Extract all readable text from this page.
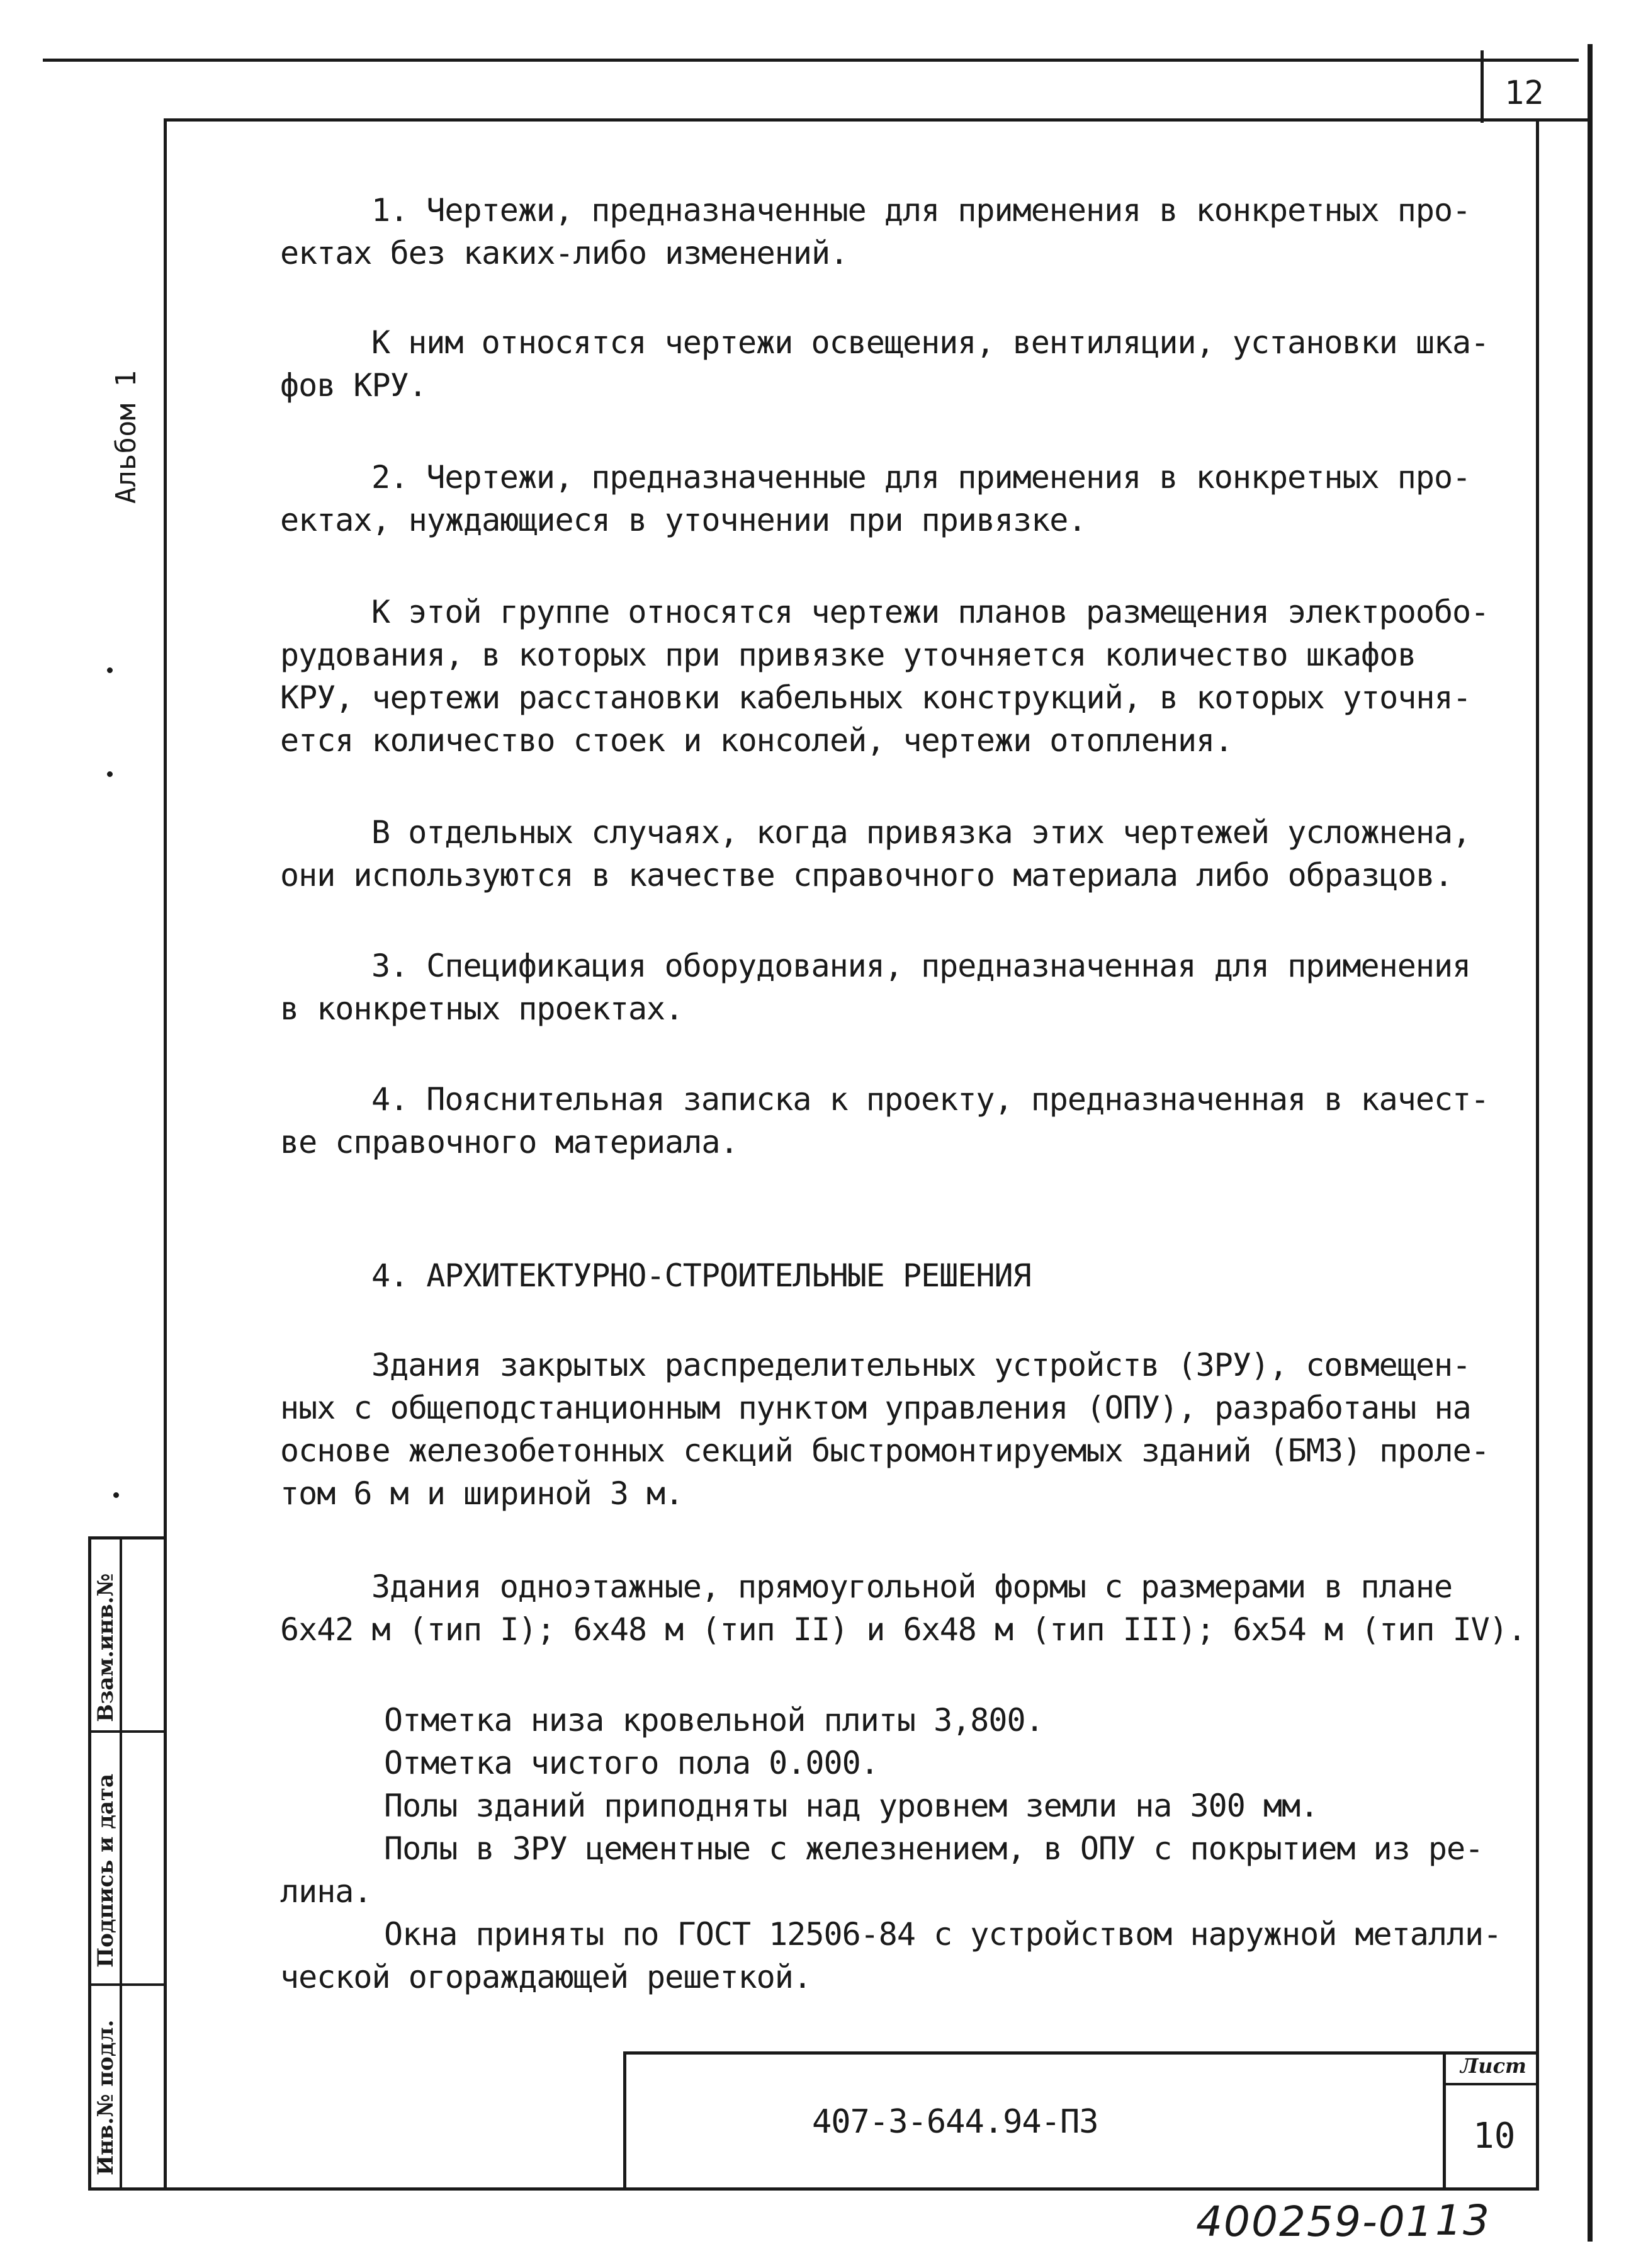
12
Альбом 1
1. Чертежи, предназначенные для применения в конкретных про-
ектах без каких-либо изменений.
К ним относятся чертежи освещения, вентиляции, установки шка-
фов КРУ.
2. Чертежи, предназначенные для применения в конкретных про-
ектах, нуждающиеся в уточнении при привязке.
К этой группе относятся чертежи планов размещения электрообо-
рудования, в которых при привязке уточняется количество шкафов
КРУ, чертежи расстановки кабельных конструкций, в которых уточня-
ется количество стоек и консолей, чертежи отопления.
В отдельных случаях, когда привязка этих чертежей усложнена,
они используются в качестве справочного материала либо образцов.
3. Спецификация оборудования, предназначенная для применения
в конкретных проектах.
4. Пояснительная записка к проекту, предназначенная в качест-
ве справочного материала.
4. АРХИТЕКТУРНО-СТРОИТЕЛЬНЫЕ РЕШЕНИЯ
Здания закрытых распределительных устройств (ЗРУ), совмещен-
ных с общеподстанционным пунктом управления (ОПУ), разработаны на
основе железобетонных секций быстромонтируемых зданий (БМЗ) проле-
том 6 м и шириной 3 м.
Здания одноэтажные, прямоугольной формы с размерами в плане
6х42 м (тип I); 6х48 м (тип II) и 6х48 м (тип III); 6х54 м (тип IV).
Отметка низа кровельной плиты 3,800.
Отметка чистого пола 0.000.
Полы зданий приподняты над уровнем земли на 300 мм.
Полы в ЗРУ цементные с железнением, в ОПУ с покрытием из ре-
лина.
Окна приняты по ГОСТ 12506-84 с устройством наружной металли-
ческой огораждающей решеткой.
Взам.инв.№
Подпись и дата
Инв.№ подл.	407-3-644.94-ПЗ
Лист
10
400259-01 13
